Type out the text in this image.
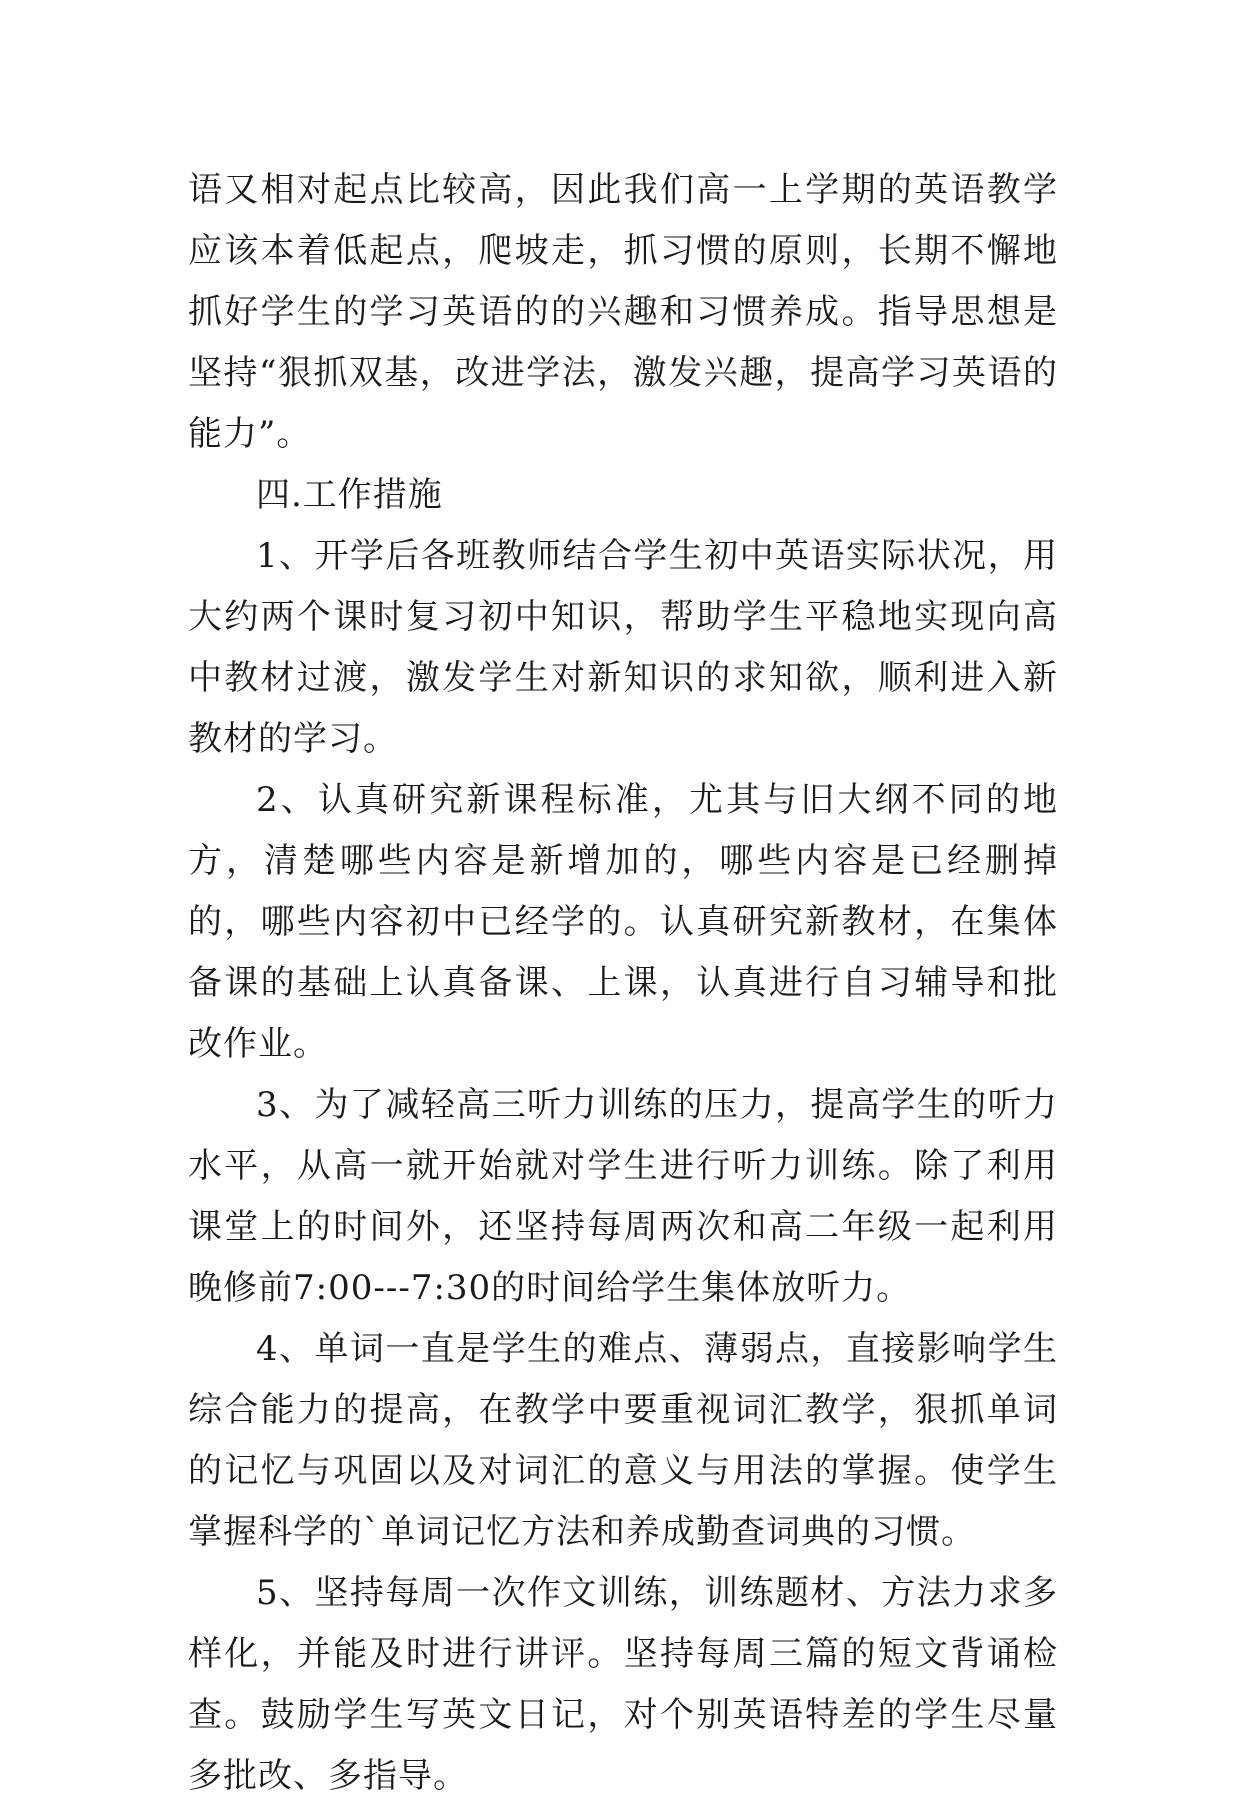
语又相对起点比较高，因此我们高一上学期的英语教学应该本着低起点，爬坡走，抓习惯的原则，长期不懈地抓好学生的学习英语的的兴趣和习惯养成。指导思想是坚持“狠抓双基，改进学法，激发兴趣，提高学习英语的能力”。

四.工作措施

1、开学后各班教师结合学生初中英语实际状况，用大约两个课时复习初中知识，帮助学生平稳地实现向高中教材过渡，激发学生对新知识的求知欲，顺利进入新教材的学习。

2、认真研究新课程标准，尤其与旧大纲不同的地方，清楚哪些内容是新增加的，哪些内容是已经删掉的，哪些内容初中已经学的。认真研究新教材，在集体备课的基础上认真备课、上课，认真进行自习辅导和批改作业。

3、为了减轻高三听力训练的压力，提高学生的听力水平，从高一就开始就对学生进行听力训练。除了利用课堂上的时间外，还坚持每周两次和高二年级一起利用晚修前7:00---7:30的时间给学生集体放听力。

4、单词一直是学生的难点、薄弱点，直接影响学生综合能力的提高，在教学中要重视词汇教学，狠抓单词的记忆与巩固以及对词汇的意义与用法的掌握。使学生掌握科学的`单词记忆方法和养成勤查词典的习惯。

5、坚持每周一次作文训练，训练题材、方法力求多样化，并能及时进行讲评。坚持每周三篇的短文背诵检查。鼓励学生写英文日记，对个别英语特差的学生尽量多批改、多指导。
